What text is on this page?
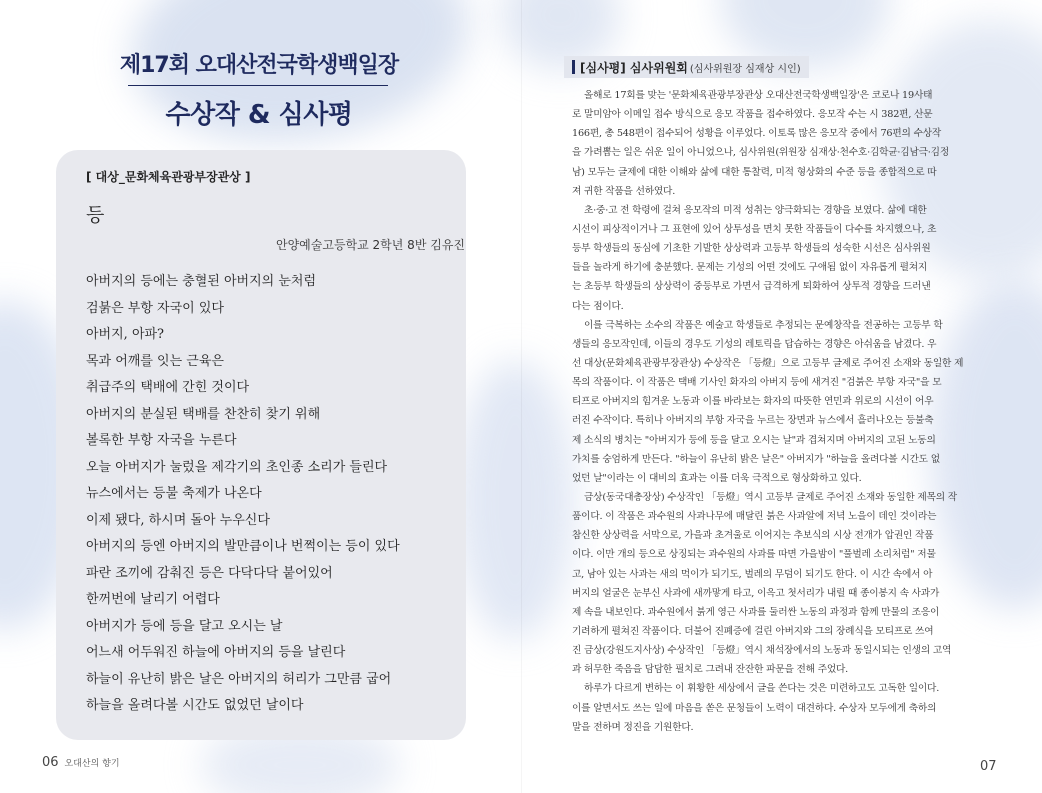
제17회 오대산전국학생백일장
수상작 & 심사평
[ 대상_문화체육관광부장관상 ]
등
안양예술고등학교 2학년 8반 김유진
아버지의 등에는 충혈된 아버지의 눈처럼
검붉은 부항 자국이 있다
아버지, 아파?
목과 어깨를 잇는 근육은
취급주의 택배에 간힌 것이다
아버지의 분실된 택배를 찬찬히 찾기 위해
볼록한 부항 자국을 누른다
오늘 아버지가 눌렀을 제각기의 초인종 소리가 들린다
뉴스에서는 등불 축제가 나온다
이제 됐다, 하시며 돌아 누우신다
아버지의 등엔 아버지의 발만큼이나 번쩍이는 등이 있다
파란 조끼에 감춰진 등은 다닥다닥 붙어있어
한꺼번에 날리기 어렵다
아버지가 등에 등을 달고 오시는 날
어느새 어두워진 하늘에 아버지의 등을 날린다
하늘이 유난히 밝은 날은 아버지의 허리가 그만큼 굽어
하늘을 올려다볼 시간도 없었던 날이다
06 오대산의 향기
[심사평] 심사위원회 (심사위원장 심재상 시인)
올해로 17회를 맞는 '문화체육관광부장관상 오대산전국학생백일장'은 코로나 19사태
로 말미암아 이메일 접수 방식으로 응모 작품을 접수하였다. 응모작 수는 시 382편, 산문
166편, 총 548편이 접수되어 성황을 이루었다. 이토록 많은 응모작 중에서 76편의 수상작
을 가려뽑는 일은 쉬운 일이 아니었으나, 심사위원(위원장 심재상·천수호·김학균·김남극·김정
남) 모두는 글제에 대한 이해와 삶에 대한 통찰력, 미적 형상화의 수준 등을 종합적으로 따
져 귀한 작품을 선하였다.
초·중·고 전 학령에 걸쳐 응모작의 미적 성취는 양극화되는 경향을 보였다. 삶에 대한
시선이 피상적이거나 그 표현에 있어 상투성을 면치 못한 작품들이 다수를 차지했으나, 초
등부 학생들의 동심에 기초한 기발한 상상력과 고등부 학생들의 성숙한 시선은 심사위원
들을 놀라게 하기에 충분했다. 문제는 기성의 어떤 것에도 구애됨 없이 자유롭게 펼쳐지
는 초등부 학생들의 상상력이 중등부로 가면서 급격하게 퇴화하여 상투적 경향을 드러낸
다는 점이다.
이를 극복하는 소수의 작품은 예술고 학생들로 추정되는 문예창작을 전공하는 고등부 학
생들의 응모작인데, 이들의 경우도 기성의 레토릭을 답습하는 경향은 아쉬움을 남겼다. 우
선 대상(문화체육관광부장관상) 수상작은 「등燈」으로 고등부 글제로 주어진 소재와 동일한 제
목의 작품이다. 이 작품은 택배 기사인 화자의 아버지 등에 새겨진 "검붉은 부항 자국"을 모
티프로 아버지의 힘겨운 노동과 이를 바라보는 화자의 따뜻한 연민과 위로의 시선이 어우
러진 수작이다. 특히나 아버지의 부항 자국을 누르는 장면과 뉴스에서 흘러나오는 등불축
제 소식의 병치는 "아버지가 등에 등을 달고 오시는 날"과 겹쳐지며 아버지의 고된 노동의
가치를 숭엄하게 만든다. "하늘이 유난히 밝은 날은" 아버지가 "하늘을 올려다볼 시간도 없
었던 날"이라는 이 대비의 효과는 이를 더욱 극적으로 형상화하고 있다.
금상(동국대총장상) 수상작인 「등燈」역시 고등부 글제로 주어진 소재와 동일한 제목의 작
품이다. 이 작품은 과수원의 사과나무에 매달린 붉은 사과알에 저녁 노을이 데인 것이라는
참신한 상상력을 서막으로, 가을과 초겨울로 이어지는 추보식의 시상 전개가 압권인 작품
이다. 이만 개의 등으로 상징되는 과수원의 사과를 따면 가을밤이 "풀벌레 소리처럼" 저물
고, 남아 있는 사과는 새의 먹이가 되기도, 벌레의 무덤이 되기도 한다. 이 시간 속에서 아
버지의 얼굴은 눈부신 사과에 새까맣게 타고, 이윽고 첫서리가 내릴 때 종이봉지 속 사과가
제 속을 내보인다. 과수원에서 붉게 영근 사과를 둘러싼 노동의 과정과 함께 만물의 조응이
기려하게 펼쳐진 작품이다. 더불어 진폐증에 걸린 아버지와 그의 장례식을 모티프로 쓰여
진 금상(강원도지사상) 수상작인 「등燈」역시 채석장에서의 노동과 동일시되는 인생의 고역
과 허무한 죽음을 담담한 필치로 그려내 잔잔한 파문을 전해 주었다.
하루가 다르게 변하는 이 휘황한 세상에서 글을 쓴다는 것은 미련하고도 고독한 일이다.
이를 알면서도 쓰는 일에 마음을 쏟은 문청들이 노력이 대견하다. 수상자 모두에게 축하의
말을 전하며 정진을 기원한다.
07
